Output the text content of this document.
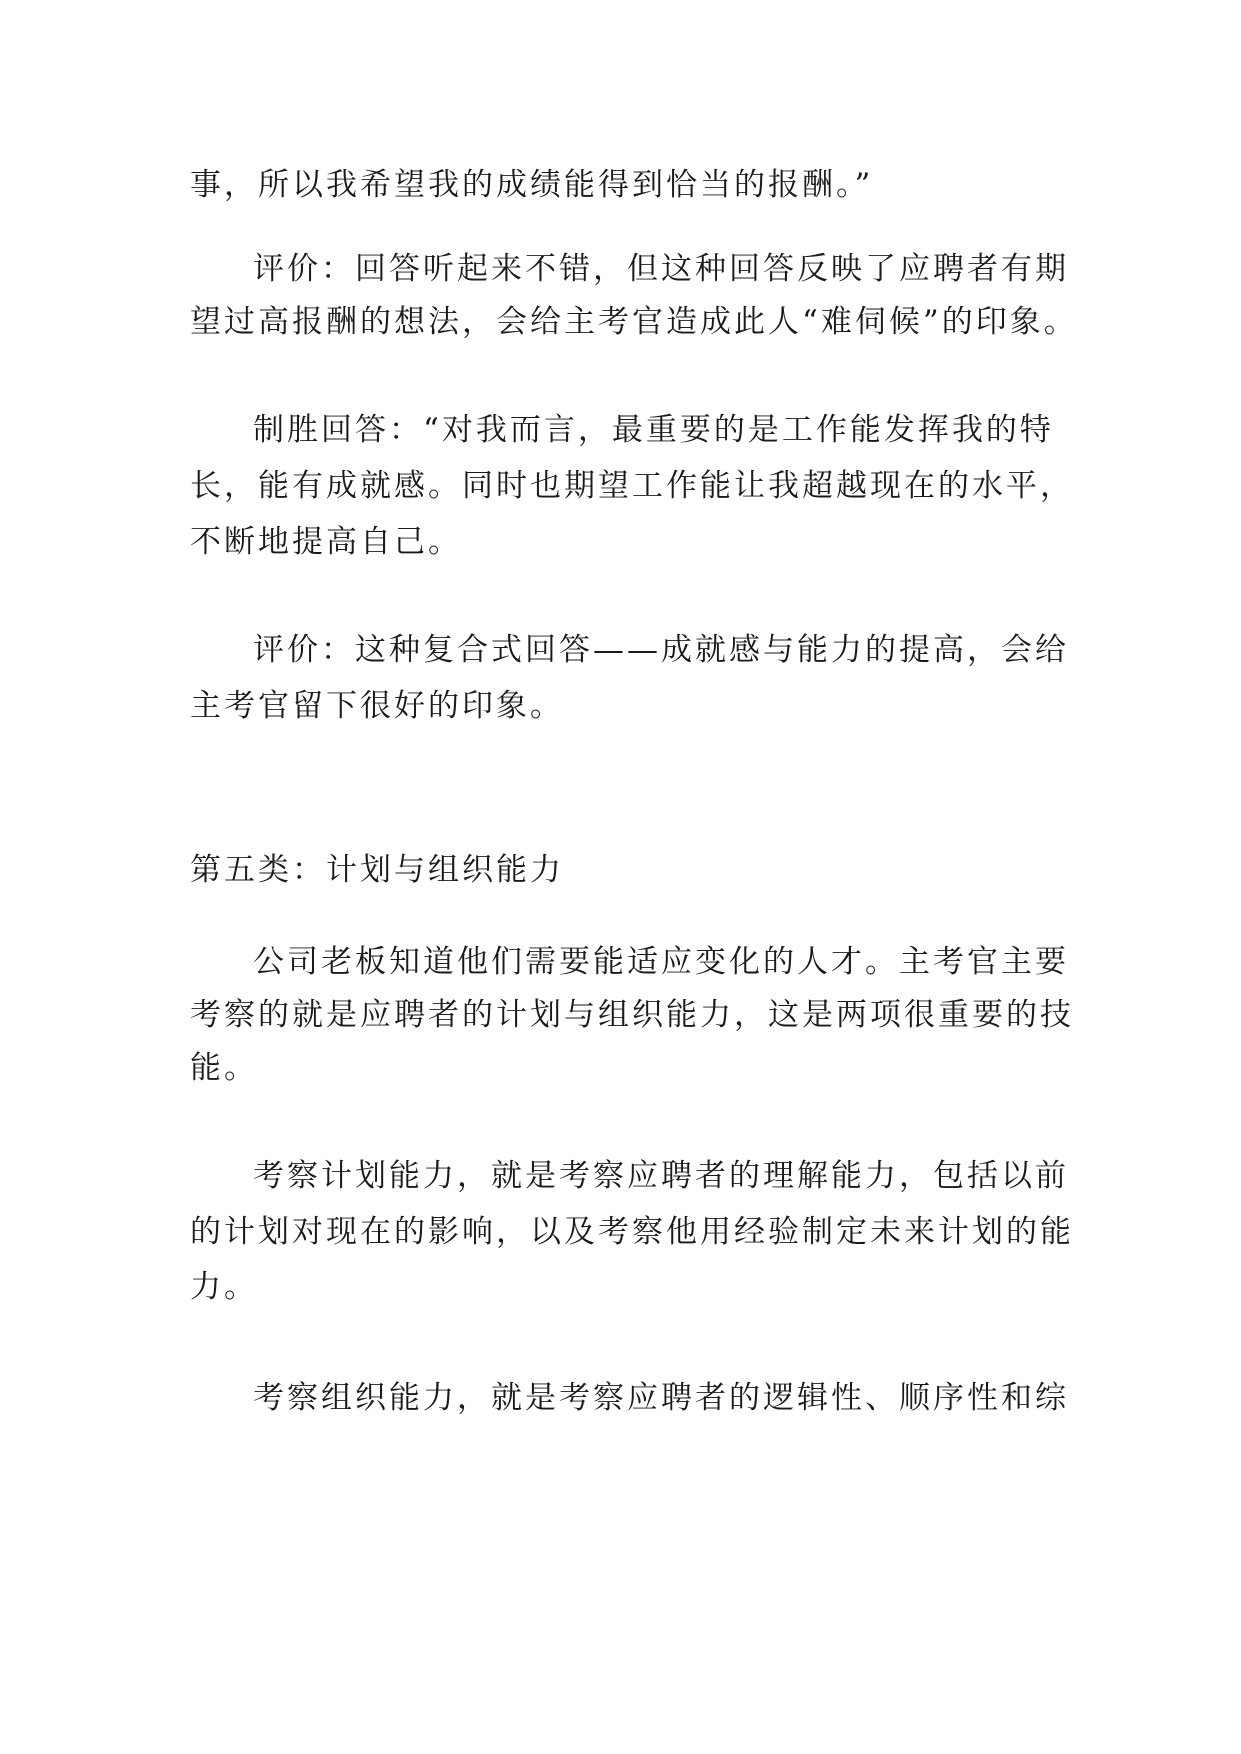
事，所以我希望我的成绩能得到恰当的报酬。”
评价：回答听起来不错，但这种回答反映了应聘者有期
望过高报酬的想法，会给主考官造成此人“难伺候”的印象。
制胜回答：“对我而言，最重要的是工作能发挥我的特
长，能有成就感。同时也期望工作能让我超越现在的水平，
不断地提高自己。
评价：这种复合式回答——成就感与能力的提高，会给
主考官留下很好的印象。
第五类：计划与组织能力
公司老板知道他们需要能适应变化的人才。主考官主要
考察的就是应聘者的计划与组织能力，这是两项很重要的技
能。
考察计划能力，就是考察应聘者的理解能力，包括以前
的计划对现在的影响，以及考察他用经验制定未来计划的能
力。
考察组织能力，就是考察应聘者的逻辑性、顺序性和综
